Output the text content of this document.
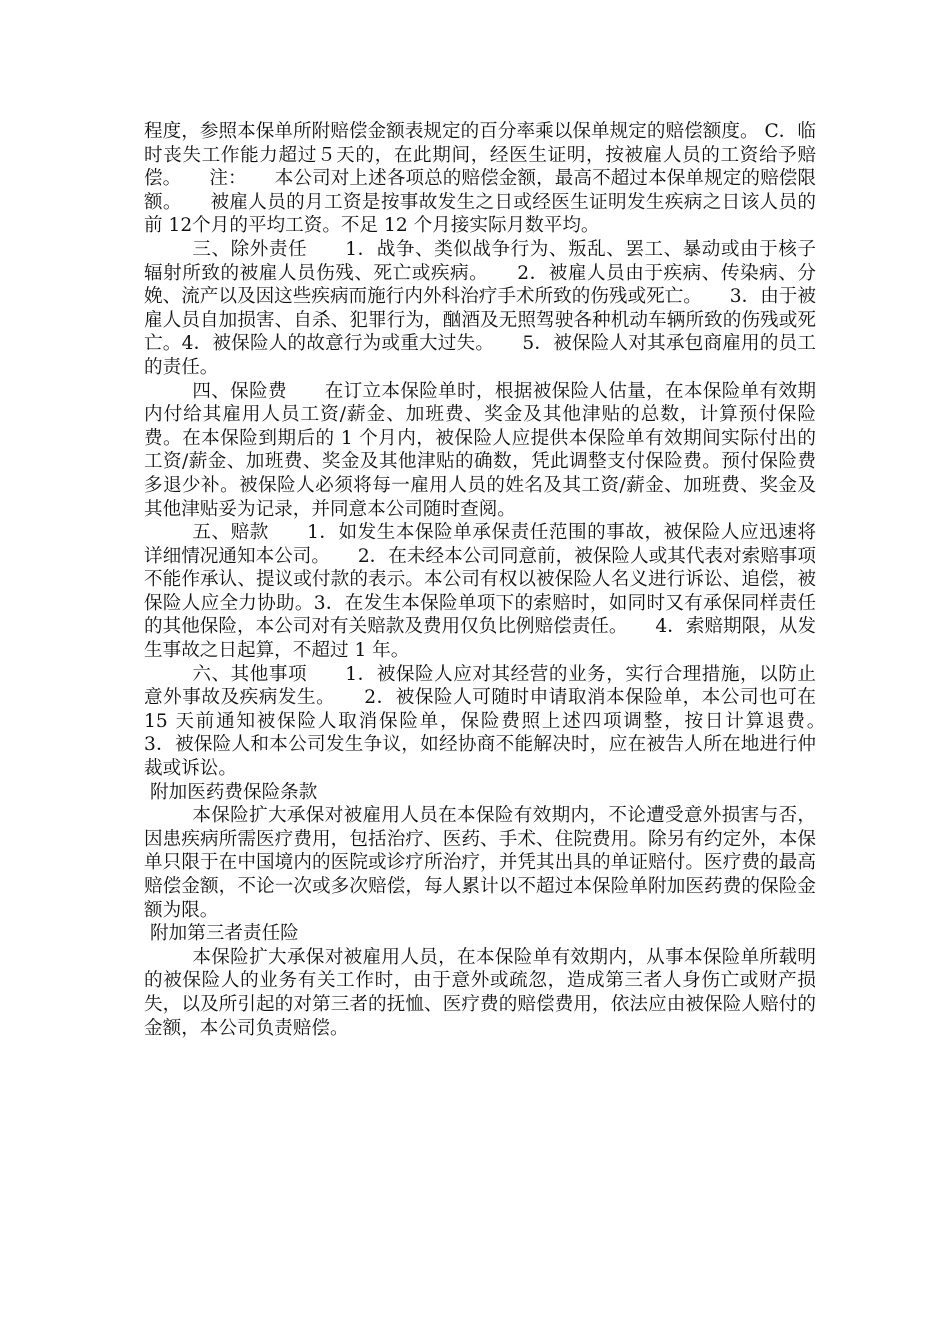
程度，参照本保单所附赔偿金额表规定的百分率乘以保单规定的赔偿额度。 C．临时丧失工作能力超过５天的，在此期间，经医生证明，按被雇人员的工资给予赔偿。　　注：　　本公司对上述各项总的赔偿金额，最高不超过本保单规定的赔偿限额。　　被雇人员的月工资是按事故发生之日或经医生证明发生疾病之日该人员的前 12个月的平均工资。不足 12 个月接实际月数平均。

三、除外责任　　1．战争、类似战争行为、叛乱、罢工、暴动或由于核子辐射所致的被雇人员伤残、死亡或疾病。　　2．被雇人员由于疾病、传染病、分娩、流产以及因这些疾病而施行内外科治疗手术所致的伤残或死亡。　　3．由于被雇人员自加损害、自杀、犯罪行为，酗酒及无照驾驶各种机动车辆所致的伤残或死亡。4．被保险人的故意行为或重大过失。　　5．被保险人对其承包商雇用的员工的责任。

四、保险费　　在订立本保险单时，根据被保险人估量，在本保险单有效期内付给其雇用人员工资/薪金、加班费、奖金及其他津贴的总数，计算预付保险费。在本保险到期后的 1 个月内，被保险人应提供本保险单有效期间实际付出的工资/薪金、加班费、奖金及其他津贴的确数，凭此调整支付保险费。预付保险费多退少补。被保险人必须将每一雇用人员的姓名及其工资/薪金、加班费、奖金及其他津贴妥为记录，并同意本公司随时查阅。

五、赔款　　1．如发生本保险单承保责任范围的事故，被保险人应迅速将详细情况通知本公司。　　2．在未经本公司同意前，被保险人或其代表对索赔事项不能作承认、提议或付款的表示。本公司有权以被保险人名义进行诉讼、追偿，被保险人应全力协助。3．在发生本保险单项下的索赔时，如同时又有承保同样责任的其他保险，本公司对有关赔款及费用仅负比例赔偿责任。　　4．索赔期限，从发生事故之日起算，不超过 1 年。

六、其他事项　　1．被保险人应对其经营的业务，实行合理措施，以防止意外事故及疾病发生。　　2．被保险人可随时申请取消本保险单，本公司也可在 15 天前通知被保险人取消保险单，保险费照上述四项调整，按日计算退费。　　3．被保险人和本公司发生争议，如经协商不能解决时，应在被告人所在地进行仲裁或诉讼。

附加医药费保险条款

本保险扩大承保对被雇用人员在本保险有效期内，不论遭受意外损害与否，因患疾病所需医疗费用，包括治疗、医药、手术、住院费用。除另有约定外，本保单只限于在中国境内的医院或诊疗所治疗，并凭其出具的单证赔付。医疗费的最高赔偿金额，不论一次或多次赔偿，每人累计以不超过本保险单附加医药费的保险金额为限。

附加第三者责任险

本保险扩大承保对被雇用人员，在本保险单有效期内，从事本保险单所载明的被保险人的业务有关工作时，由于意外或疏忽，造成第三者人身伤亡或财产损失，以及所引起的对第三者的抚恤、医疗费的赔偿费用，依法应由被保险人赔付的金额，本公司负责赔偿。
